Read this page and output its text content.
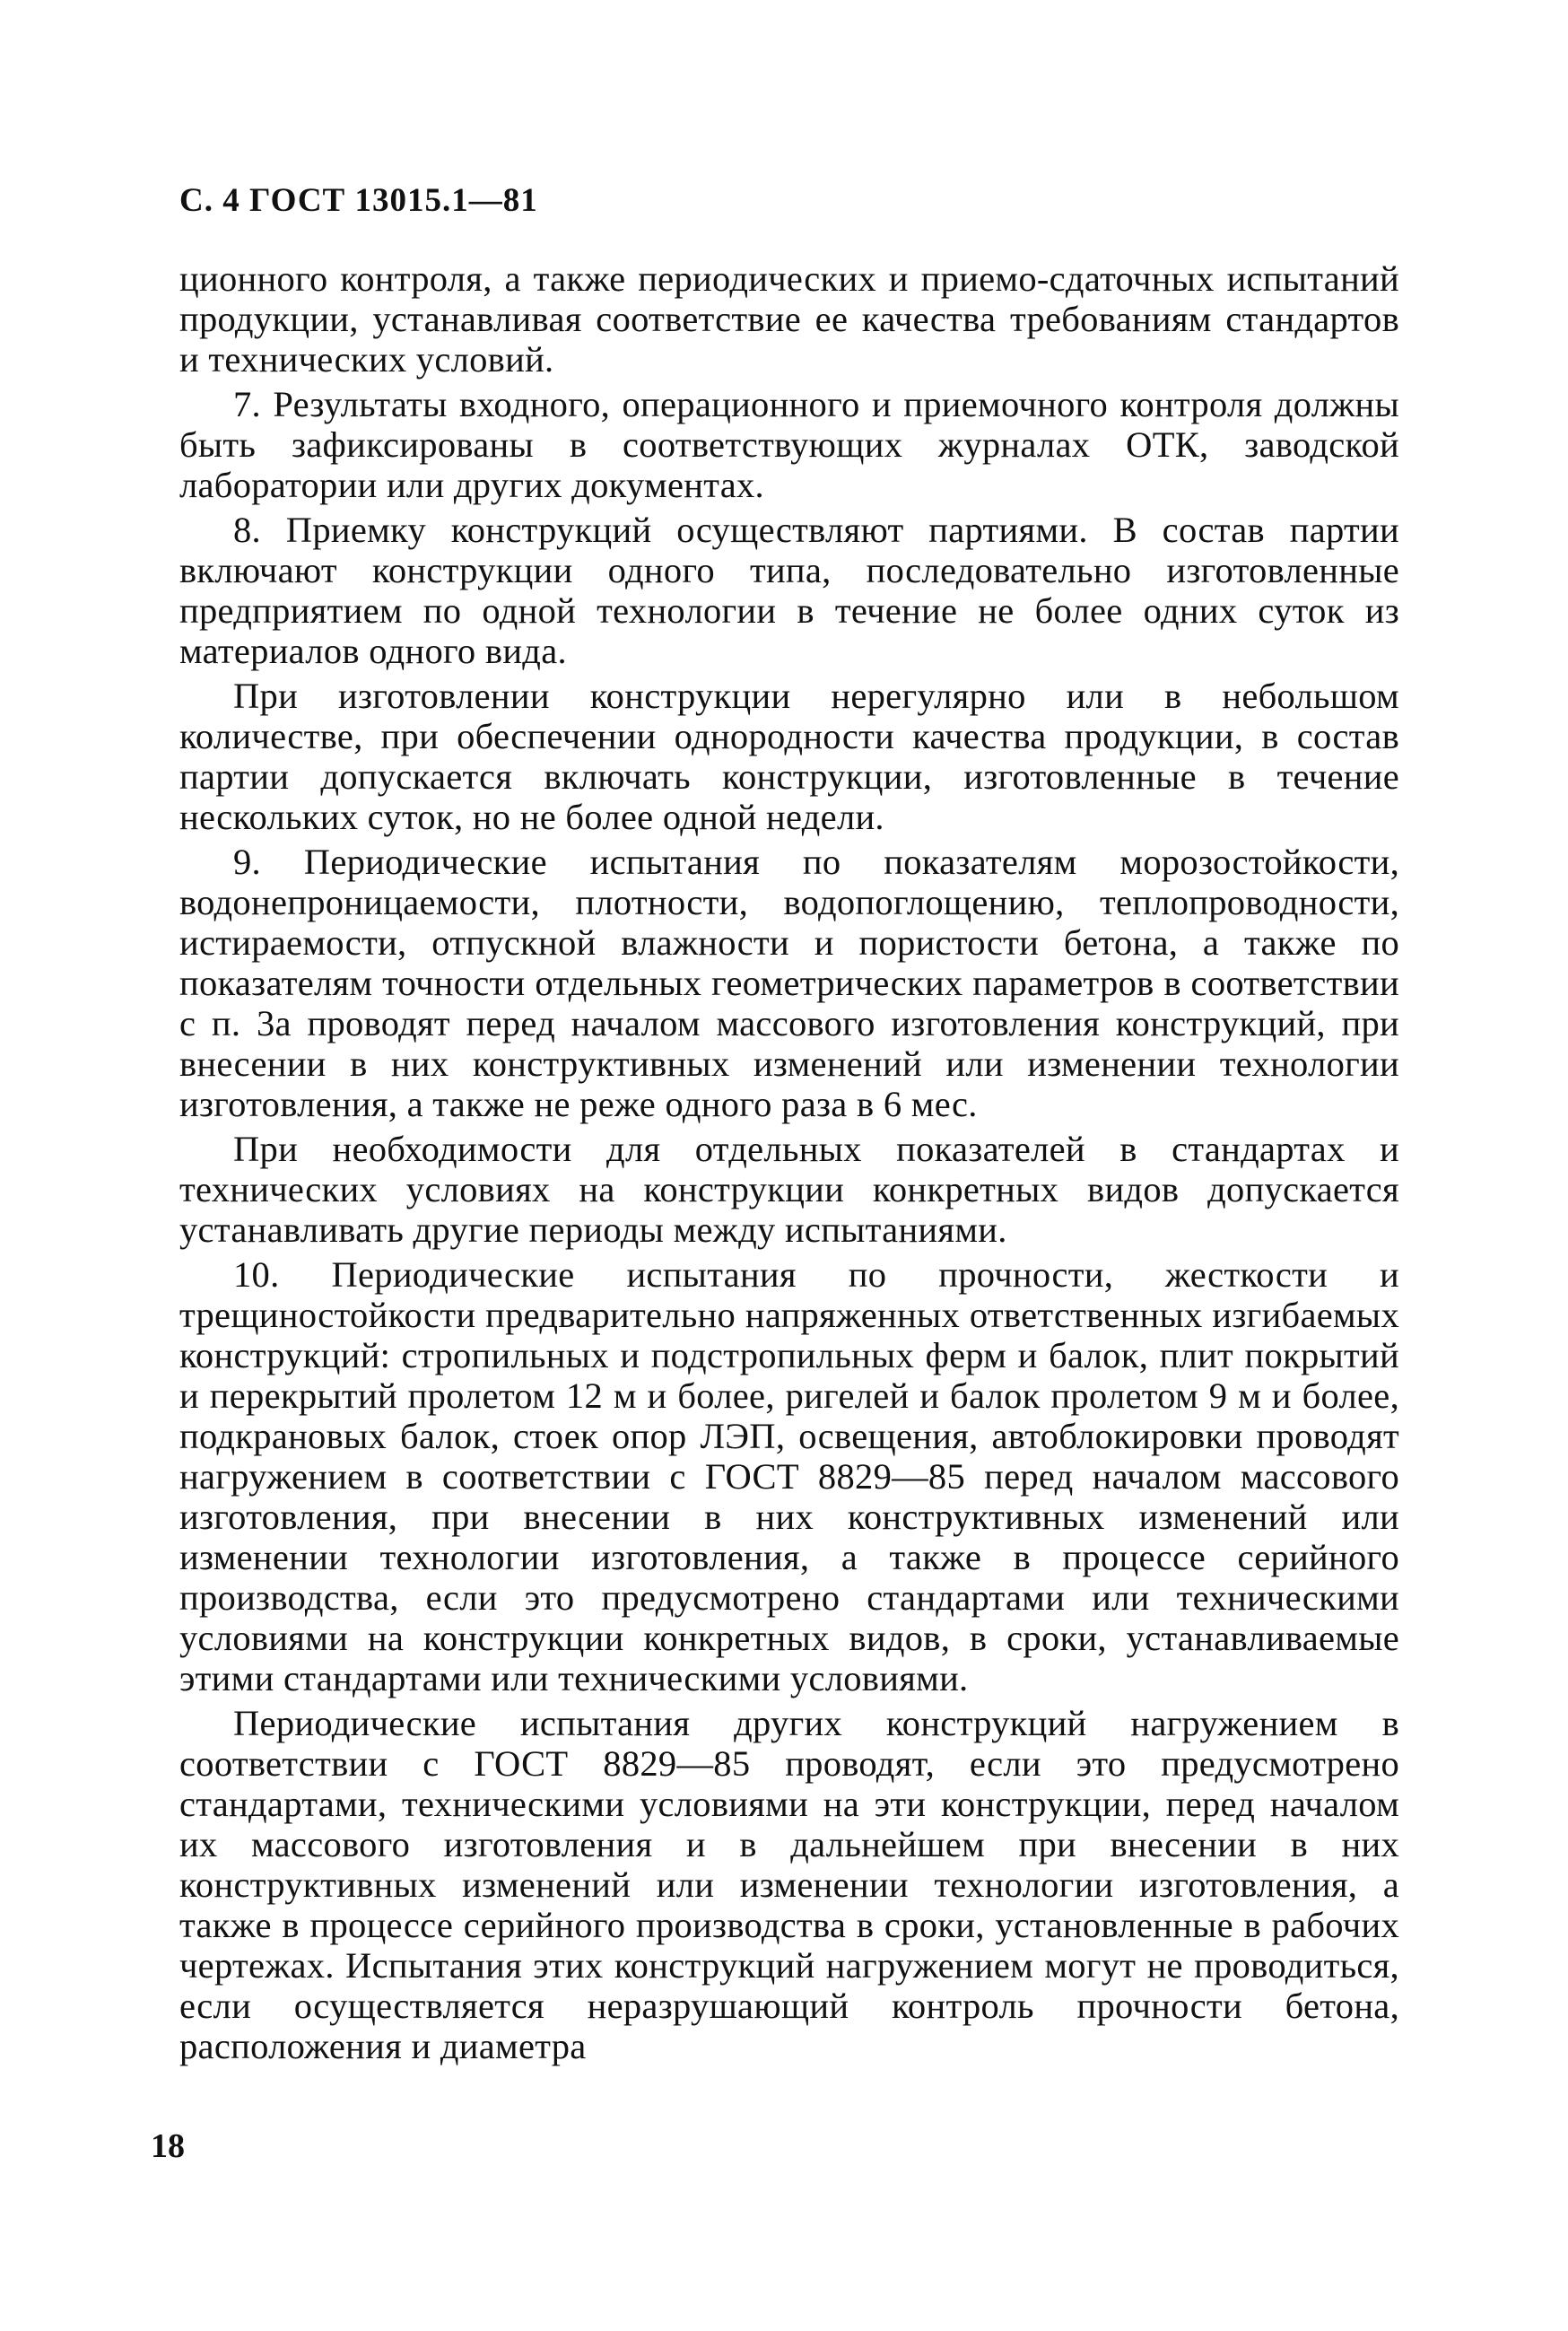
С. 4 ГОСТ 13015.1—81

ционного контроля, а также периодических и приемо-сдаточных испытаний продукции, устанавливая соответствие ее качества требованиям стандартов и технических условий.

7. Результаты входного, операционного и приемочного контроля должны быть зафиксированы в соответствующих журналах ОТК, заводской лаборатории или других документах.

8. Приемку конструкций осуществляют партиями. В состав партии включают конструкции одного типа, последовательно изготовленные предприятием по одной технологии в течение не более одних суток из материалов одного вида.

При изготовлении конструкции нерегулярно или в небольшом количестве, при обеспечении однородности качества продукции, в состав партии допускается включать конструкции, изготовленные в течение нескольких суток, но не более одной недели.

9. Периодические испытания по показателям морозостойкости, водонепроницаемости, плотности, водопоглощению, теплопроводности, истираемости, отпускной влажности и пористости бетона, а также по показателям точности отдельных геометрических параметров в соответствии с п. 3а проводят перед началом массового изготовления конструкций, при внесении в них конструктивных изменений или изменении технологии изготовления, а также не реже одного раза в 6 мес.

При необходимости для отдельных показателей в стандартах и технических условиях на конструкции конкретных видов допускается устанавливать другие периоды между испытаниями.

10. Периодические испытания по прочности, жесткости и трещиностойкости предварительно напряженных ответственных изгибаемых конструкций: стропильных и подстропильных ферм и балок, плит покрытий и перекрытий пролетом 12 м и более, ригелей и балок пролетом 9 м и более, подкрановых балок, стоек опор ЛЭП, освещения, автоблокировки проводят нагружением в соответствии с ГОСТ 8829—85 перед началом массового изготовления, при внесении в них конструктивных изменений или изменении технологии изготовления, а также в процессе серийного производства, если это предусмотрено стандартами или техническими условиями на конструкции конкретных видов, в сроки, устанавливаемые этими стандартами или техническими условиями.

Периодические испытания других конструкций нагружением в соответствии с ГОСТ 8829—85 проводят, если это предусмотрено стандартами, техническими условиями на эти конструкции, перед началом их массового изготовления и в дальнейшем при внесении в них конструктивных изменений или изменении технологии изготовления, а также в процессе серийного производства в сроки, установленные в рабочих чертежах. Испытания этих конструкций нагружением могут не проводиться, если осуществляется неразрушающий контроль прочности бетона, расположения и диаметра

18
